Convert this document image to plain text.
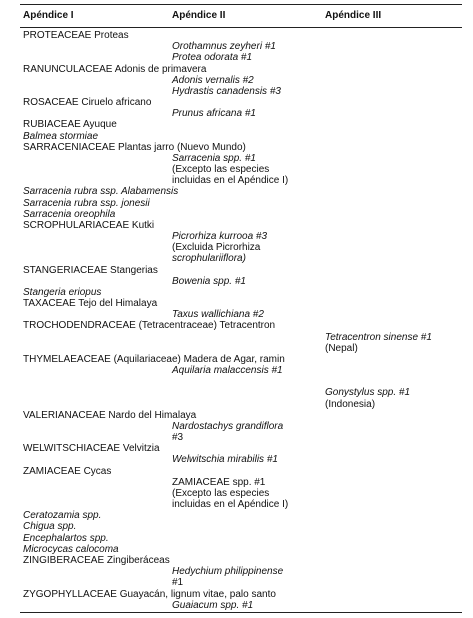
Apéndice I	Apéndice II	Apéndice III
PROTEACEAE Proteas
Orothamnus zeyheri #1
Protea odorata #1
RANUNCULACEAE Adonis de primavera
Adonis vernalis #2
Hydrastis canadensis #3
ROSACEAE Ciruelo africano
Prunus africana #1
RUBIACEAE Ayuque
Balmea stormiae
SARRACENIACEAE Plantas jarro (Nuevo Mundo)
Sarracenia spp. #1
(Excepto las especies
incluidas en el Apéndice I)
Sarracenia rubra ssp. Alabamensis
Sarracenia rubra ssp. jonesii
Sarracenia oreophila
SCROPHULARIACEAE Kutki
Picrorhiza kurrooa #3
(Excluida Picrorhiza
scrophulariiflora)
STANGERIACEAE Stangerias
Bowenia spp. #1
Stangeria eriopus
TAXACEAE Tejo del Himalaya
Taxus wallichiana #2
TROCHODENDRACEAE (Tetracentraceae) Tetracentron
Tetracentron sinense #1
(Nepal)
THYMELAEACEAE (Aquilariaceae) Madera de Agar, ramin
Aquilaria malaccensis #1
Gonystylus spp. #1
(Indonesia)
VALERIANACEAE Nardo del Himalaya
Nardostachys grandiflora
#3
WELWITSCHIACEAE Velvitzia
Welwitschia mirabilis #1
ZAMIACEAE Cycas
ZAMIACEAE spp. #1
(Excepto las especies
incluidas en el Apéndice I)
Ceratozamia spp.
Chigua spp.
Encephalartos spp.
Microcycas calocoma
ZINGIBERACEAE Zingiberáceas
Hedychium philippinense
#1
ZYGOPHYLLACEAE Guayacán, lignum vitae, palo santo
Guaiacum spp. #1
